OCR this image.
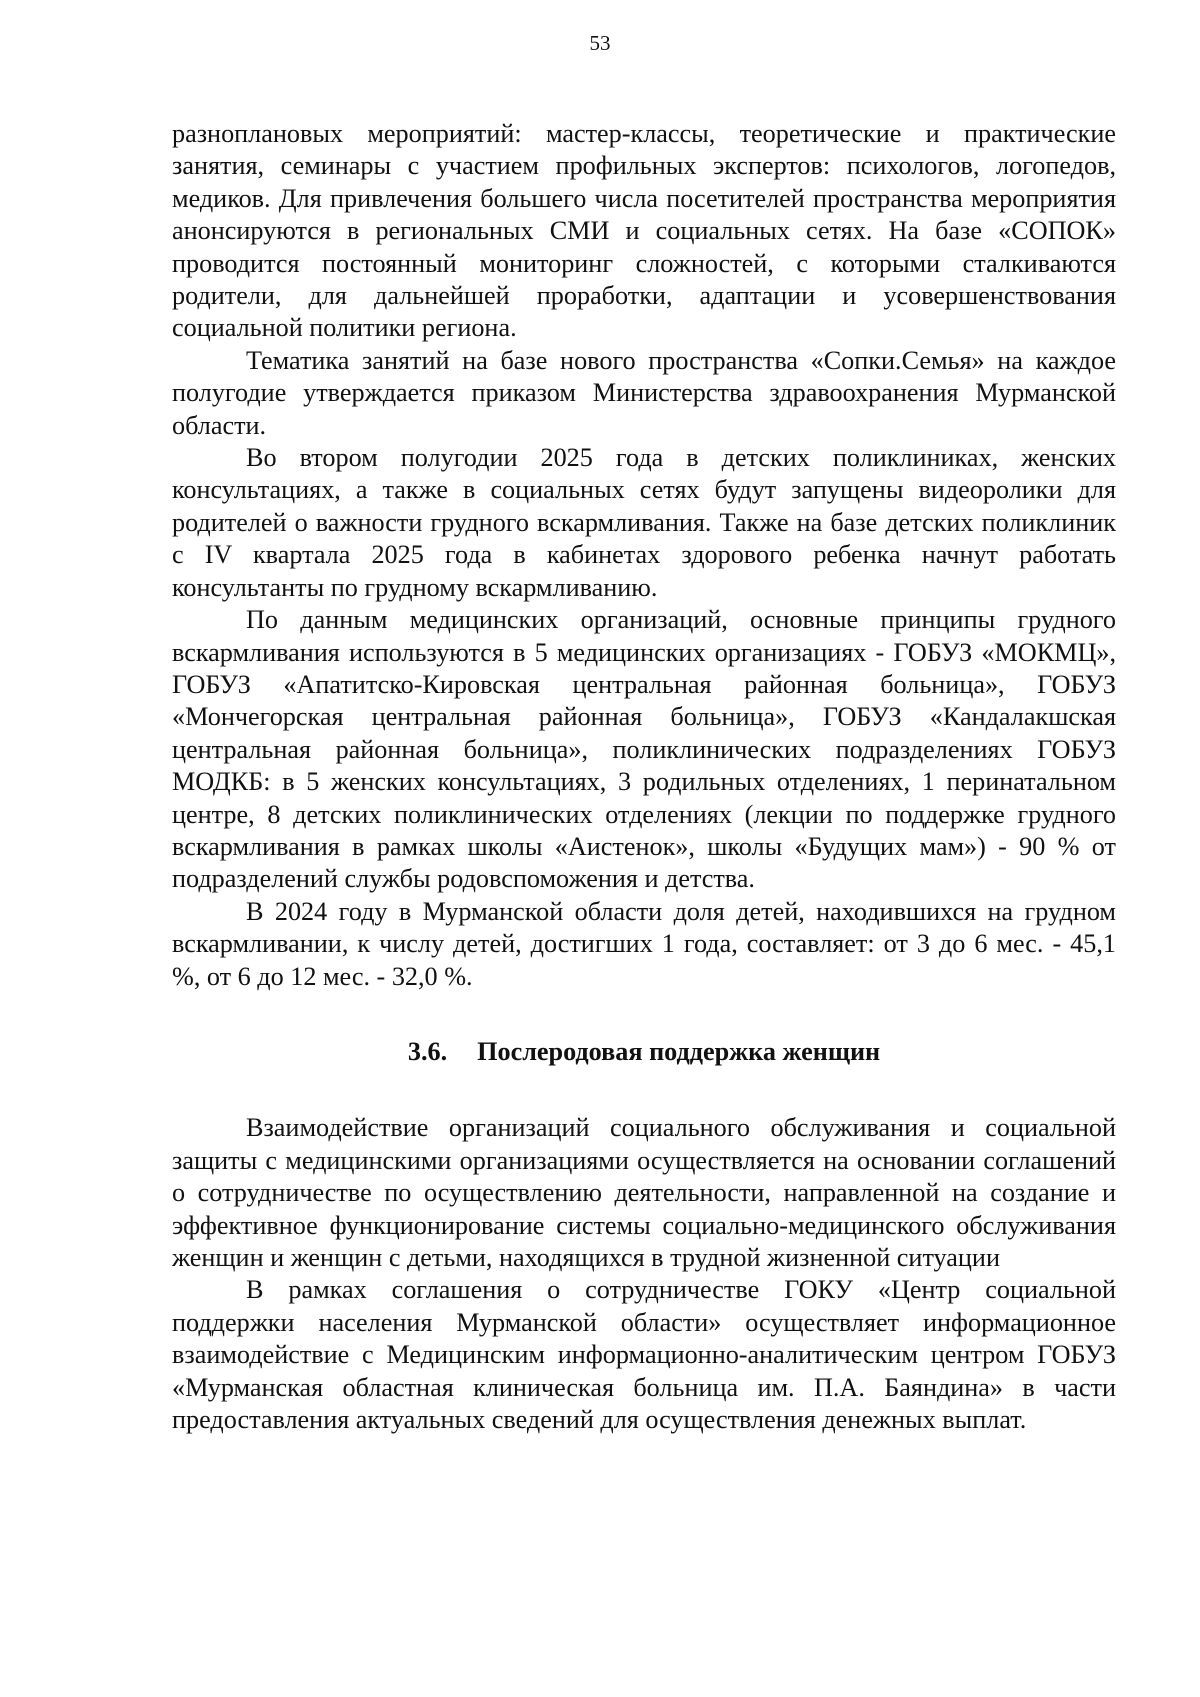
53

разноплановых мероприятий: мастер-классы, теоретические и практические занятия, семинары с участием профильных экспертов: психологов, логопедов, медиков. Для привлечения большего числа посетителей пространства мероприятия анонсируются в региональных СМИ и социальных сетях. На базе «СОПОК» проводится постоянный мониторинг сложностей, с которыми сталкиваются родители, для дальнейшей проработки, адаптации и усовершенствования социальной политики региона.

Тематика занятий на базе нового пространства «Сопки.Семья» на каждое полугодие утверждается приказом Министерства здравоохранения Мурманской области.

Во втором полугодии 2025 года в детских поликлиниках, женских консультациях, а также в социальных сетях будут запущены видеоролики для родителей о важности грудного вскармливания. Также на базе детских поликлиник с IV квартала 2025 года в кабинетах здорового ребенка начнут работать консультанты по грудному вскармливанию.

По данным медицинских организаций, основные принципы грудного вскармливания используются в 5 медицинских организациях - ГОБУЗ «МОКМЦ», ГОБУЗ «Апатитско-Кировская центральная районная больница», ГОБУЗ «Мончегорская центральная районная больница», ГОБУЗ «Кандалакшская центральная районная больница», поликлинических подразделениях ГОБУЗ МОДКБ: в 5 женских консультациях, 3 родильных отделениях, 1 перинатальном центре, 8 детских поликлинических отделениях (лекции по поддержке грудного вскармливания в рамках школы «Аистенок», школы «Будущих мам») - 90 % от подразделений службы родовспоможения и детства.

В 2024 году в Мурманской области доля детей, находившихся на грудном вскармливании, к числу детей, достигших 1 года, составляет: от 3 до 6 мес. - 45,1 %, от 6 до 12 мес. - 32,0 %.

3.6. Послеродовая поддержка женщин

Взаимодействие организаций социального обслуживания и социальной защиты с медицинскими организациями осуществляется на основании соглашений о сотрудничестве по осуществлению деятельности, направленной на создание и эффективное функционирование системы социально-медицинского обслуживания женщин и женщин с детьми, находящихся в трудной жизненной ситуации

В рамках соглашения о сотрудничестве ГОКУ «Центр социальной поддержки населения Мурманской области» осуществляет информационное взаимодействие с Медицинским информационно-аналитическим центром ГОБУЗ «Мурманская областная клиническая больница им. П.А. Баяндина» в части предоставления актуальных сведений для осуществления денежных выплат.
